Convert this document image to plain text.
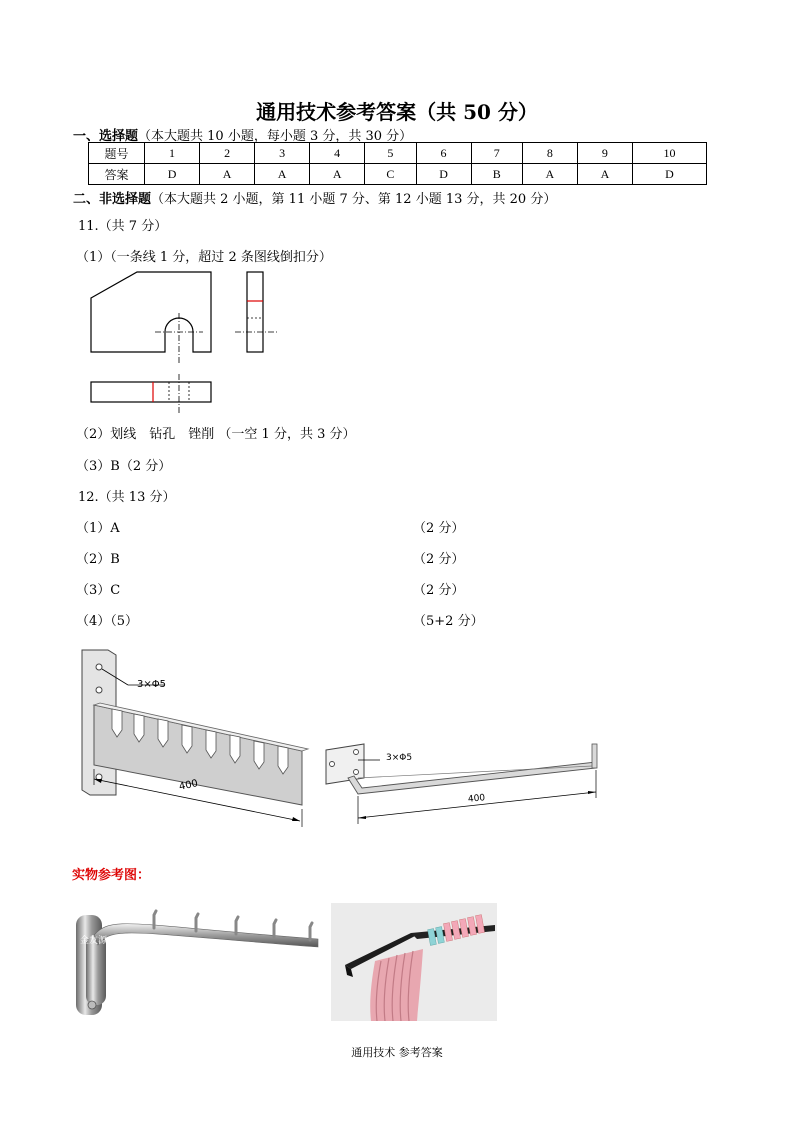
通用技术参考答案（共 50 分）
一、选择题（本大题共 10 小题，每小题 3 分，共 30 分）
题号	1	2	3	4	5	6	7	8	9	10
答案	D	A	A	A	C	D	B	A	A	D
二、非选择题（本大题共 2 小题，第 11 小题 7 分、第 12 小题 13 分，共 20 分）
11.（共 7 分）
（1）（一条线 1 分，超过 2 条图线倒扣分）
（2）划线　钻孔　锉削 （一空 1 分，共 3 分）
（3）B（2 分）
12.（共 13 分）
（1）A	（2 分）
（2）B	（2 分）
（3）C	（2 分）
（4）（5）	（5+2 分）
3×Φ5
400
3×Φ5
400
实物参考图：
金友源
通用技术 参考答案
